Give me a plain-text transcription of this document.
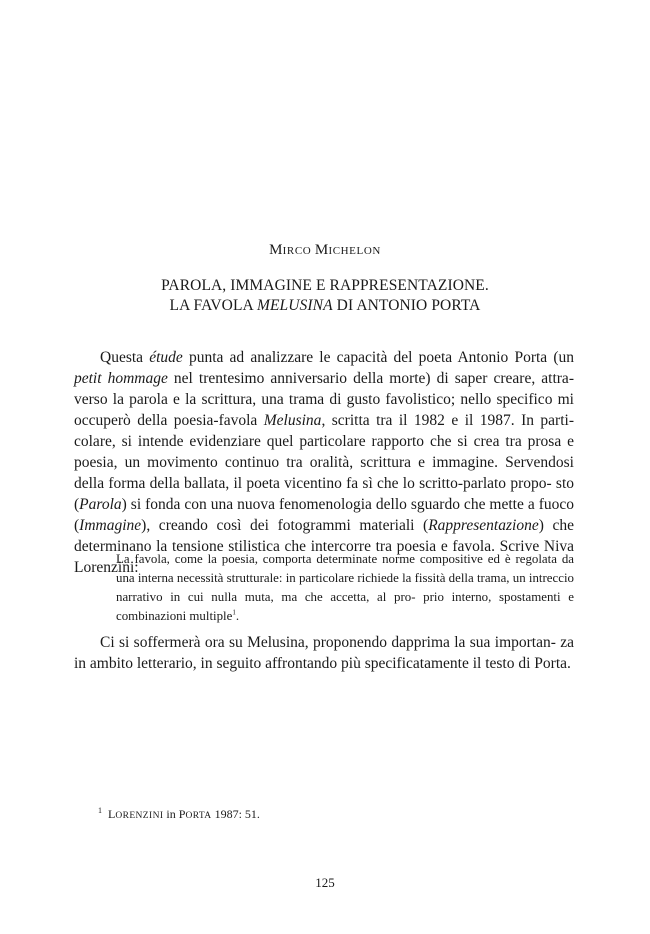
MIRCO MICHELON
PAROLA, IMMAGINE E RAPPRESENTAZIONE.
LA FAVOLA MELUSINA DI ANTONIO PORTA

Questa étude punta ad analizzare le capacità del poeta Antonio Porta (un petit hommage nel trentesimo anniversario della morte) di saper creare, attra- verso la parola e la scrittura, una trama di gusto favolistico; nello specifico mi occuperò della poesia-favola Melusina, scritta tra il 1982 e il 1987. In parti- colare, si intende evidenziare quel particolare rapporto che si crea tra prosa e poesia, un movimento continuo tra oralità, scrittura e immagine. Servendosi della forma della ballata, il poeta vicentino fa sì che lo scritto-parlato propo- sto (Parola) si fonda con una nuova fenomenologia dello sguardo che mette a fuoco (Immagine), creando così dei fotogrammi materiali (Rappresentazione) che determinano la tensione stilistica che intercorre tra poesia e favola. Scrive Niva Lorenzini:

La favola, come la poesia, comporta determinate norme compositive ed è regolata da una interna necessità strutturale: in particolare richiede la fissità della trama, un intreccio narrativo in cui nulla muta, ma che accetta, al pro- prio interno, spostamenti e combinazioni multiple$^1$.

Ci si soffermerà ora su Melusina, proponendo dapprima la sua importan- za in ambito letterario, in seguito affrontando più specificatamente il testo di Porta.

$^1$ LORENZINI in PORTA 1987: 51.
125
